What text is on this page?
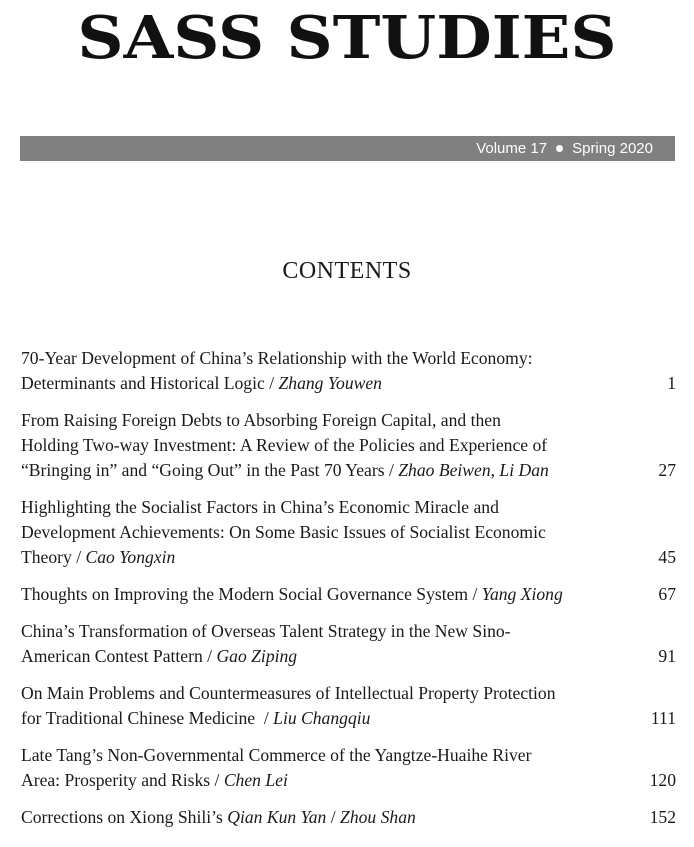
SASS STUDIES
Volume 17 Spring 2020
CONTENTS
70-Year Development of China’s Relationship with the World Economy:
Determinants and Historical Logic / Zhang Youwen	1
From Raising Foreign Debts to Absorbing Foreign Capital, and then
Holding Two-way Investment: A Review of the Policies and Experience of
“Bringing in” and “Going Out” in the Past 70 Years / Zhao Beiwen, Li Dan	27
Highlighting the Socialist Factors in China’s Economic Miracle and
Development Achievements: On Some Basic Issues of Socialist Economic
Theory / Cao Yongxin	45
Thoughts on Improving the Modern Social Governance System / Yang Xiong	67
China’s Transformation of Overseas Talent Strategy in the New Sino-
American Contest Pattern / Gao Ziping	91
On Main Problems and Countermeasures of Intellectual Property Protection
for Traditional Chinese Medicine  / Liu Changqiu	111
Late Tang’s Non-Governmental Commerce of the Yangtze-Huaihe River
Area: Prosperity and Risks / Chen Lei	120
Corrections on Xiong Shili’s Qian Kun Yan / Zhou Shan	152
